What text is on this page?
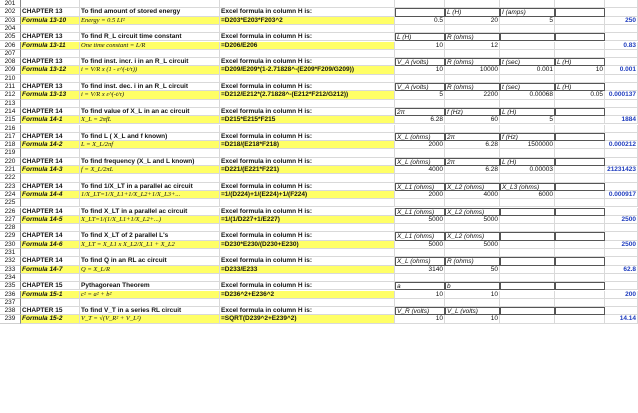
201
202	CHAPTER 13	To find amount of stored energy	Excel formula in column H is:	L (H)	I (amps)
203	Formula 13-10	Energy = 0.5 LI²	=D203*E203*F203^2	0.5	20	5	250
204
205	CHAPTER 13	To find R_L circuit time constant	Excel formula in column H is:	L (H)	R (ohms)
206	Formula 13-11	One time constant = L/R	=D206/E206	10	12	0.83
207
208	CHAPTER 13	To find inst. incr. i in an R_L circuit	Excel formula in column H is:	V_A (volts)	R (ohms)	t (sec)	L (H)
209	Formula 13-12	i = V/R x (1 - ε^(-t/τ))	=D209/E209*(1-2.71828^-(E209*F209/G209))	10	10000	0.001	10	0.001
210
211	CHAPTER 13	To find inst. dec. i in an R_L circuit	Excel formula in column H is:	V_A (volts)	R (ohms)	t (sec)	L (H)
212	Formula 13-13	i = V/R x ε^(-t/τ)	=D212/E212*(2.71828^-(E212*F212/G212))	5	2200	0.00068	0.05 0.000137
213
214	CHAPTER 14	To find value of X_L in an ac circuit	Excel formula in column H is:	2π	f (Hz)	L (H)
215	Formula 14-1	X_L = 2πfL	=D215*E215*F215	6.28	60	5	1884
216
217	CHAPTER 14	To find L ( X_L and f known)	Excel formula in column H is:	X_L (ohms)	2π	f (Hz)
218	Formula 14-2	L = X_L/2πf	=D218/(E218*F218)	2000	6.28	1500000	0.000212
219
220	CHAPTER 14	To find frequency (X_L and L known)	Excel formula in column H is:	X_L (ohms)	2π	L (H)
221	Formula 14-3	f = X_L/2πL	=D221/(E221*F221)	4000	6.28	0.00003	21231423
222
223	CHAPTER 14	To find 1/X_LT in a parallel ac circuit	Excel formula in column H is:	X_L1 (ohms)	X_L2 (ohms)	X_L3 (ohms)
224	Formula 14-4	1/X_LT=1/X_L1+1/X_L2+1/X_L3+...	=1/(D224)+1/(E224)+1/(F224)	2000	4000	6000	0.000917
225
226	CHAPTER 14	To find X_LT in a parallel ac circuit	Excel formula in column H is:	X_L1 (ohms)	X_L2 (ohms)
227	Formula 14-5	X_LT=1/(1/X_L1+1/X_L2+...)	=1/(1/D227+1/E227)	5000	5000	2500
228
229	CHAPTER 14	To find X_LT of 2 parallel L's	Excel formula in column H is:	X_L1 (ohms)	X_L2 (ohms)
230	Formula 14-6	X_LT = X_L1 x X_L2/X_L1 + X_L2	=D230*E230/(D230+E230)	5000	5000	2500
231
232	CHAPTER 14	To find Q in an RL ac circuit	Excel formula in column H is:	X_L (ohms)	R (ohms)
233	Formula 14-7	Q = X_L/R	=D233/E233	3140	50	62.8
234
235	CHAPTER 15	Pythagorean Theorem	Excel formula in column H is:	a	b
236	Formula 15-1	c² = a² + b²	=D236^2+E236^2	10	10	200
237
238	CHAPTER 15	To find V_T in a series RL circuit	Excel formula in column H is:	V_R (volts)	V_L (volts)
239	Formula 15-2	V_T = √(V_R² + V_L²)	=SQRT(D239^2+E239^2)	10	10	14.14
